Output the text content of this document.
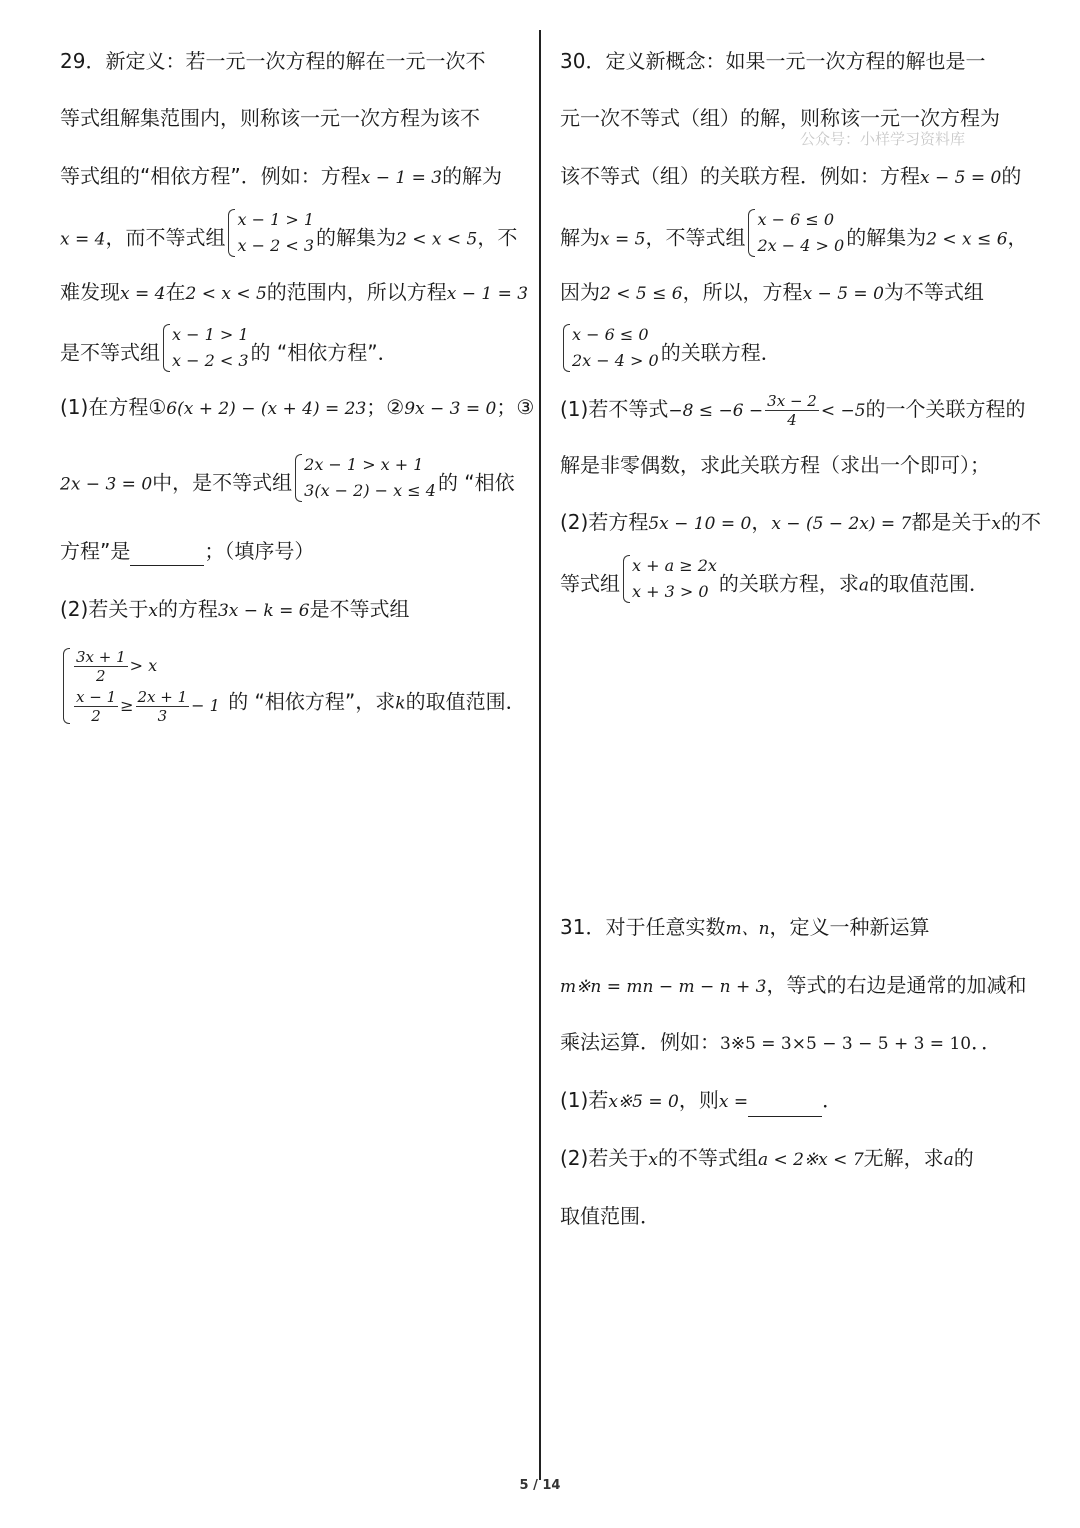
公众号：小样学习资料库
29．新定义：若一元一次方程的解在一元一次不
等式组解集范围内，则称该一元一次方程为该不
等式组的“相依方程”．例如：方程x − 1 = 3的解为
x = 4，而不等式组
x − 1 > 1
x − 2 < 3 的解集为2 < x < 5，不
难发现x = 4在2 < x < 5的范围内，所以方程x − 1 = 3
是不等式组
x − 1 > 1
x − 2 < 3 的 “相依方程”．
(1)在方程①6(x + 2) − (x + 4) = 23；②9x − 3 = 0；③
2x − 3 = 0中，是不等式组
2x − 1 > x + 1
3(x − 2) − x ≤ 4 的 “相依
方程”是	；（填序号）
(2)若关于x的方程3x − k = 6是不等式组
$\frac{3x + 1}{2} > x$
$\frac{x - 1}{2} \ge \frac{2x + 1}{3} - 1$ 的 “相依方程”，求k的取值范围．
30．定义新概念：如果一元一次方程的解也是一
元一次不等式（组）的解，则称该一元一次方程为
该不等式（组）的关联方程．例如：方程x − 5 = 0的
解为x = 5，不等式组
x − 6 ≤ 0
2x − 4 > 0 的解集为2 < x ≤ 6，
因为2 < 5 ≤ 6，所以，方程x − 5 = 0为不等式组
x − 6 ≤ 0
2x − 4 > 0 的关联方程．
(1)若不等式$-8 \le -6 - \frac{3x - 2}{4} < -5$的一个关联方程的
解是非零偶数，求此关联方程（求出一个即可）；
(2)若方程5x − 10 = 0，x − (5 − 2x) = 7都是关于x的不
等式组
x + a ≥ 2x
x + 3 > 0 的关联方程，求a的取值范围．
31．对于任意实数m、n，定义一种新运算
m※n = mn − m − n + 3，等式的右边是通常的加减和
乘法运算．例如：3※5 = 3×5 − 3 − 5 + 3 = 10．．
(1)若x※5 = 0，则x =	．
(2)若关于x的不等式组a < 2※x < 7无解，求a的
取值范围．
5 / 14
